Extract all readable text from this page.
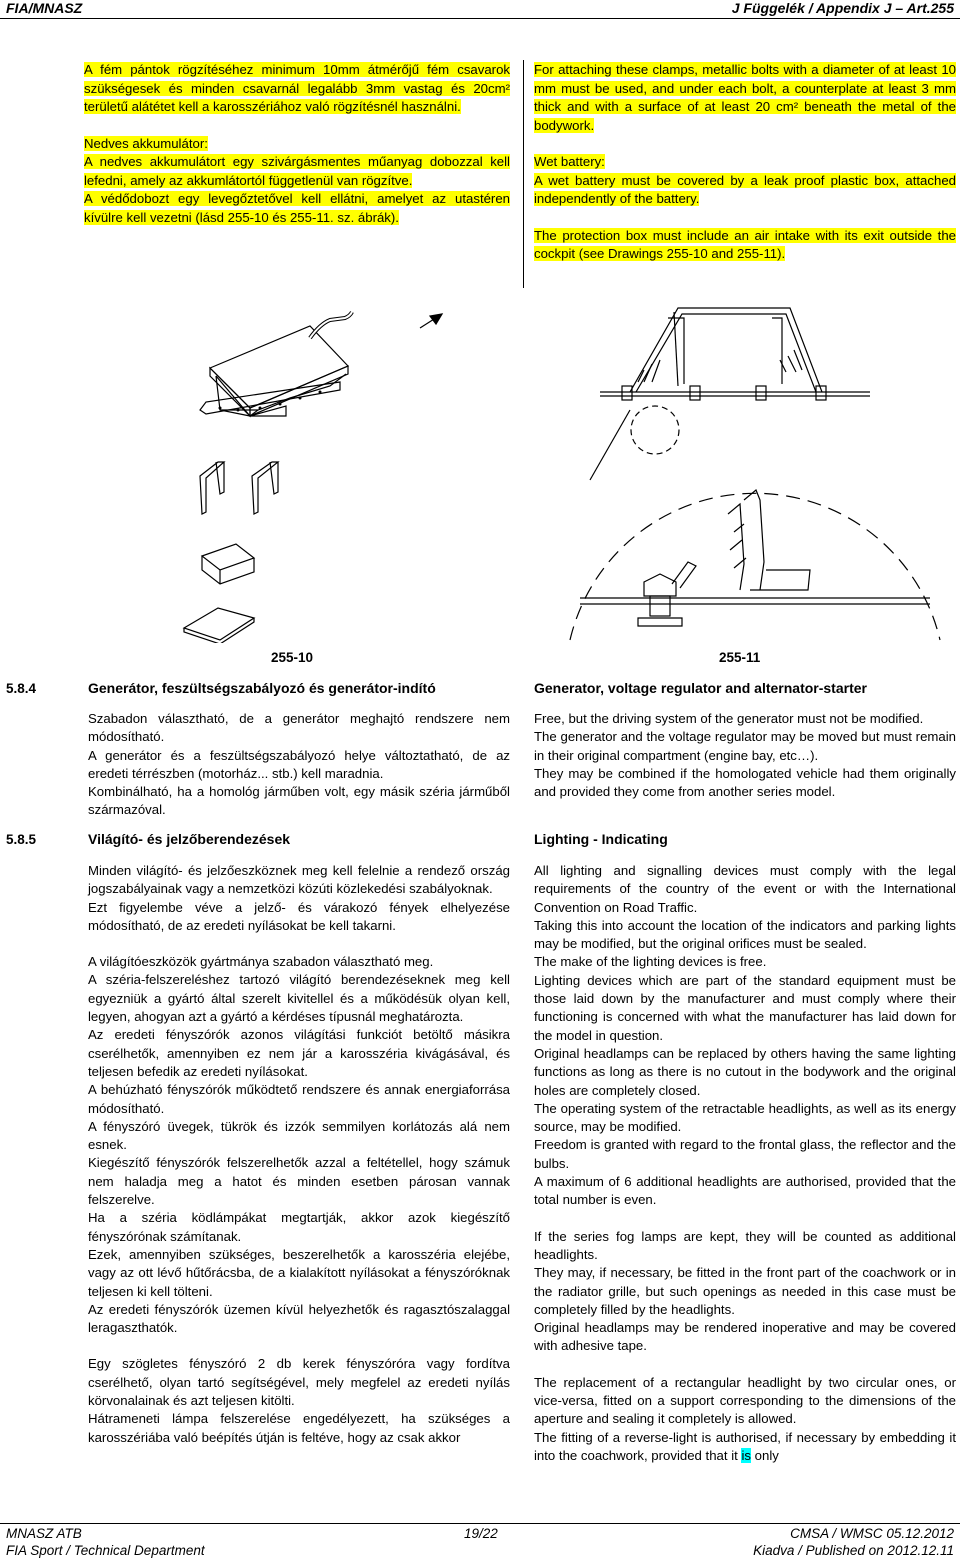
FIA/MNASZ	J Függelék / Appendix J – Art.255

A fém pántok rögzítéséhez minimum 10mm átmérőjű fém csavarok szükségesek és minden csavarnál legalább 3mm vastag és 20cm² területű alátétet kell a karosszériához való rögzítésnél használni.

Nedves akkumulátor:

A nedves akkumulátort egy szivárgásmentes műanyag dobozzal kell lefedni, amely az akkumlátortól függetlenül van rögzítve.

A védődobozt egy levegőztetővel kell ellátni, amelyet az utastéren kívülre kell vezetni (lásd 255-10 és 255-11. sz. ábrák).

For attaching these clamps, metallic bolts with a diameter of at least 10 mm must be used, and under each bolt, a counterplate at least 3 mm thick and with a surface of at least 20 cm² beneath the metal of the bodywork.

Wet battery:

A wet battery must be covered by a leak proof plastic box, attached independently of the battery.

The protection box must include an air intake with its exit outside the cockpit (see Drawings 255-10 and 255-11).

255-10	255-11
5.8.4	Generátor, feszültségszabályozó és generátor-indító	Generator, voltage regulator and alternator-starter

Szabadon választható, de a generátor meghajtó rendszere nem módosítható.

A generátor és a feszültségszabályozó helye változtatható, de az eredeti térrészben (motorház... stb.) kell maradnia.

Kombinálható, ha a homológ járműben volt, egy másik széria járműből származóval.

Free, but the driving system of the generator must not be modified.

The generator and the voltage regulator may be moved but must remain in their original compartment (engine bay, etc…).

They may be combined if the homologated vehicle had them originally and provided they come from another series model.

5.8.5	Világító- és jelzőberendezések	Lighting - Indicating

Minden világító- és jelzőeszköznek meg kell felelnie a rendező ország jogszabályainak vagy a nemzetközi közúti közlekedési szabályoknak.

Ezt figyelembe véve a jelző- és várakozó fények elhelyezése módosítható, de az eredeti nyílásokat be kell takarni.

A világítóeszközök gyártmánya szabadon választható meg.

A széria-felszereléshez tartozó világító berendezéseknek meg kell egyezniük a gyártó által szerelt kivitellel és a működésük olyan kell, legyen, ahogyan azt a gyártó a kérdéses típusnál meghatározta.

Az eredeti fényszórók azonos világítási funkciót betöltő másikra cserélhetők, amennyiben ez nem jár a karosszéria kivágásával, és teljesen befedik az eredeti nyílásokat.

A behúzható fényszórók működtető rendszere és annak energiaforrása módosítható.

A fényszóró üvegek, tükrök és izzók semmilyen korlátozás alá nem esnek.

Kiegészítő fényszórók felszerelhetők azzal a feltétellel, hogy számuk nem haladja meg a hatot és minden esetben párosan vannak felszerelve.

Ha a széria ködlámpákat megtartják, akkor azok kiegészítő fényszórónak számítanak.

Ezek, amennyiben szükséges, beszerelhetők a karosszéria elejébe, vagy az ott lévő hűtőrácsba, de a kialakított nyílásokat a fényszóróknak teljesen ki kell tölteni.

Az eredeti fényszórók üzemen kívül helyezhetők és ragasztószalaggal leragaszthatók.

Egy szögletes fényszóró 2 db kerek fényszóróra vagy fordítva cserélhető, olyan tartó segítségével, mely megfelel az eredeti nyílás körvonalainak és azt teljesen kitölti.

Hátrameneti lámpa felszerelése engedélyezett, ha szükséges a karosszériába való beépítés útján is feltéve, hogy az csak akkor

All lighting and signalling devices must comply with the legal requirements of the country of the event or with the International Convention on Road Traffic.

Taking this into account the location of the indicators and parking lights may be modified, but the original orifices must be sealed.

The make of the lighting devices is free.

Lighting devices which are part of the standard equipment must be those laid down by the manufacturer and must comply where their functioning is concerned with what the manufacturer has laid down for the model in question.

Original headlamps can be replaced by others having the same lighting functions as long as there is no cutout in the bodywork and the original holes are completely closed.

The operating system of the retractable headlights, as well as its energy source, may be modified.

Freedom is granted with regard to the frontal glass, the reflector and the bulbs.

A maximum of 6 additional headlights are authorised, provided that the total number is even.

If the series fog lamps are kept, they will be counted as additional headlights.

They may, if necessary, be fitted in the front part of the coachwork or in the radiator grille, but such openings as needed in this case must be completely filled by the headlights.

Original headlamps may be rendered inoperative and may be covered with adhesive tape.

The replacement of a rectangular headlight by two circular ones, or vice-versa, fitted on a support corresponding to the dimensions of the aperture and sealing it completely is allowed.

The fitting of a reverse-light is authorised, if necessary by embedding it into the coachwork, provided that it is only

MNASZ ATB
FIA Sport / Technical Department
19/22	CMSA / WMSC 05.12.2012
Kiadva / Published on 2012.12.11
